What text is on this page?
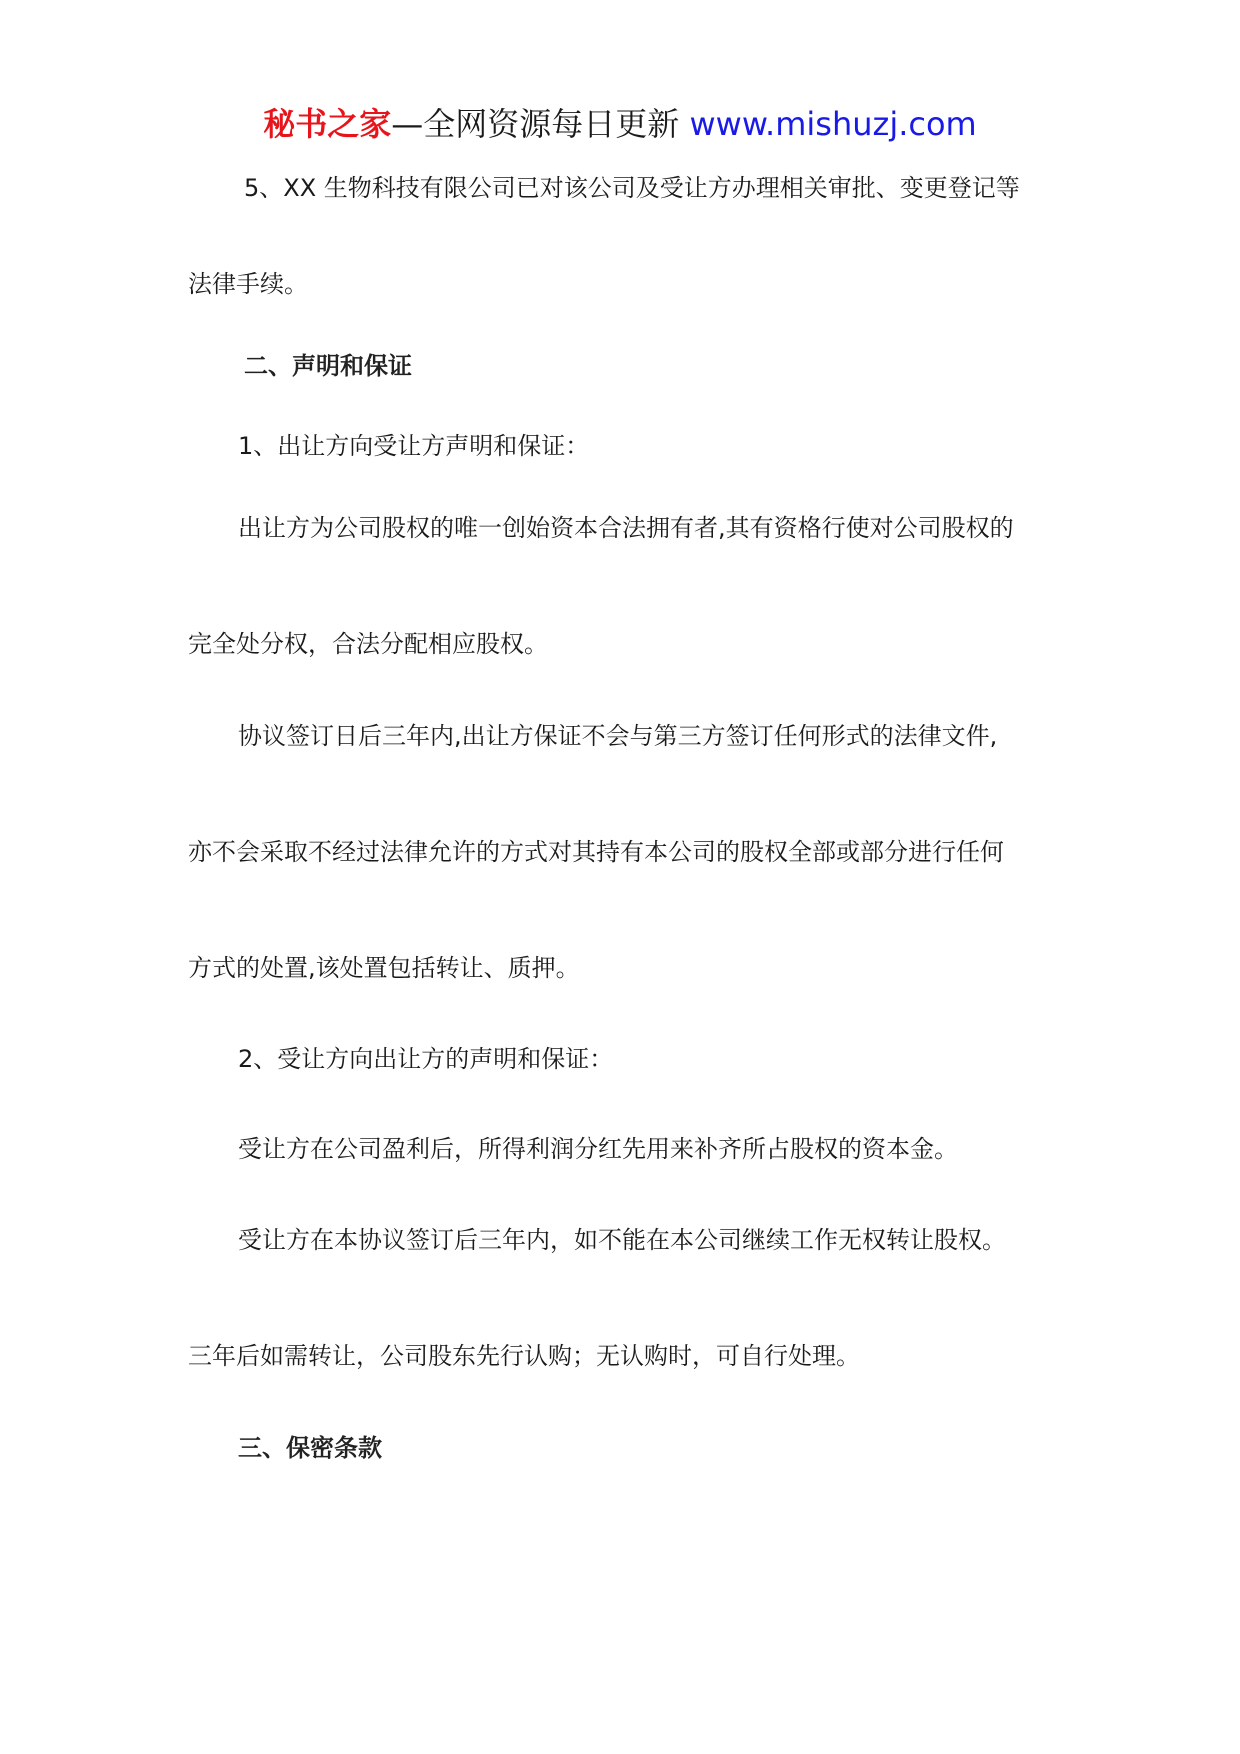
秘书之家—全网资源每日更新 www.mishuzj.com
5、XX 生物科技有限公司已对该公司及受让方办理相关审批、变更登记等
法律手续。
二、声明和保证
1、出让方向受让方声明和保证：
出让方为公司股权的唯一创始资本合法拥有者,其有资格行使对公司股权的
完全处分权，合法分配相应股权。
协议签订日后三年内,出让方保证不会与第三方签订任何形式的法律文件,
亦不会采取不经过法律允许的方式对其持有本公司的股权全部或部分进行任何
方式的处置,该处置包括转让、质押。
2、受让方向出让方的声明和保证：
受让方在公司盈利后，所得利润分红先用来补齐所占股权的资本金。
受让方在本协议签订后三年内，如不能在本公司继续工作无权转让股权。
三年后如需转让，公司股东先行认购；无认购时，可自行处理。
三、保密条款
